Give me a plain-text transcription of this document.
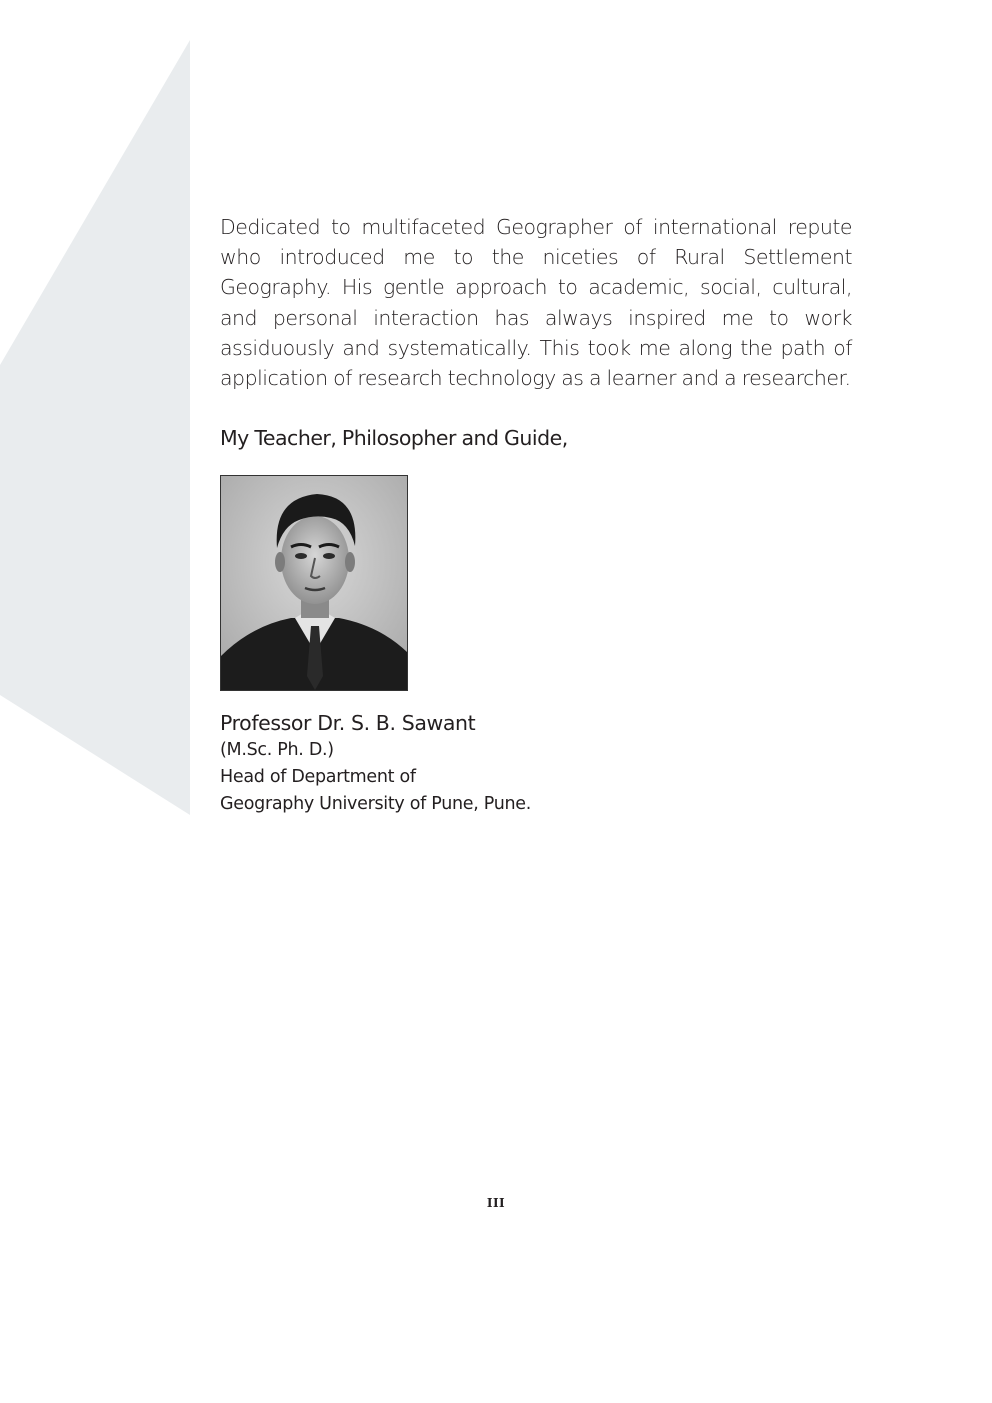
Dedicated to multifaceted Geographer of international repute who introduced me to the niceties of Rural Settlement Geography. His gentle approach to academic, social, cultural, and personal interaction has always inspired me to work assiduously and systematically. This took me along the path of application of research technology as a learner and a researcher.

My Teacher, Philosopher and Guide,

Professor Dr. S. B. Sawant

(M.Sc. Ph. D.)

Head of Department of

Geography University of Pune, Pune.

III
